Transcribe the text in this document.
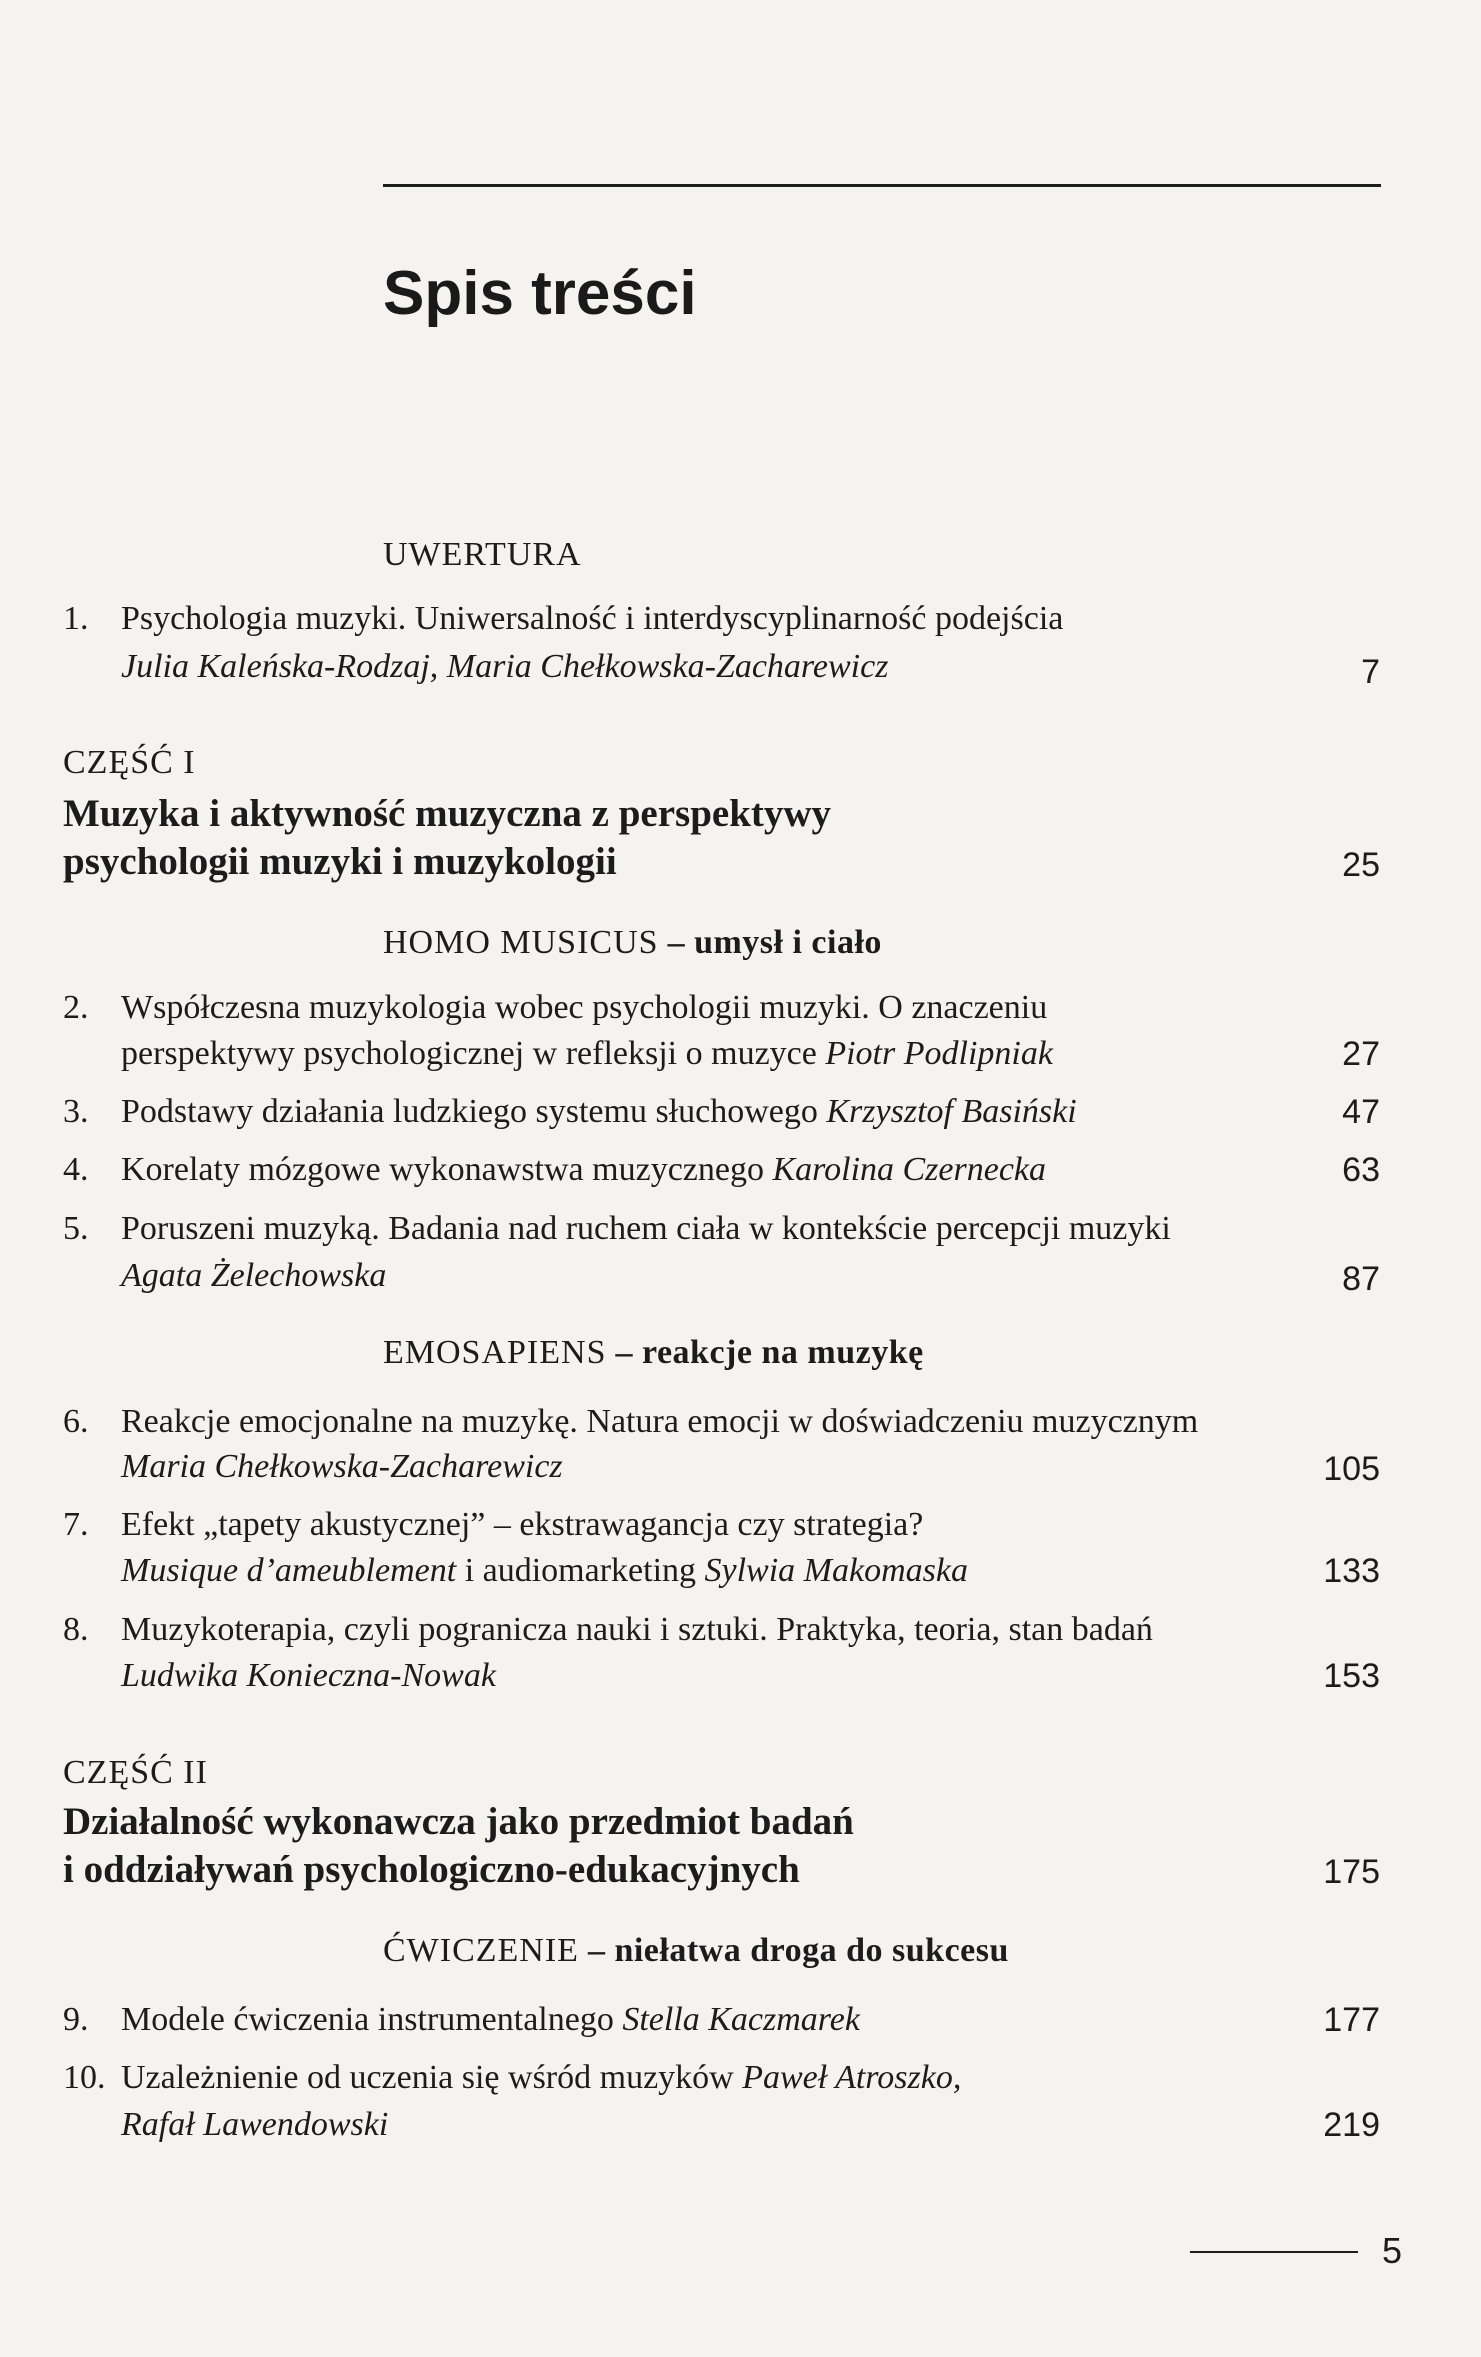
Spis treści
UWERTURA
1. Psychologia muzyki. Uniwersalność i interdyscyplinarność podejścia
Julia Kaleńska-Rodzaj, Maria Chełkowska-Zacharewicz	7
CZĘŚĆ I
Muzyka i aktywność muzyczna z perspektywy
psychologii muzyki i muzykologii	25
HOMO MUSICUS – umysł i ciało
2. Współczesna muzykologia wobec psychologii muzyki. O znaczeniu
perspektywy psychologicznej w refleksji o muzyce Piotr Podlipniak	27
3. Podstawy działania ludzkiego systemu słuchowego Krzysztof Basiński	47
4. Korelaty mózgowe wykonawstwa muzycznego Karolina Czernecka	63
5. Poruszeni muzyką. Badania nad ruchem ciała w kontekście percepcji muzyki
Agata Żelechowska	87
EMOSAPIENS – reakcje na muzykę
6. Reakcje emocjonalne na muzykę. Natura emocji w doświadczeniu muzycznym
Maria Chełkowska-Zacharewicz	105
7. Efekt „tapety akustycznej” – ekstrawagancja czy strategia?
Musique d’ameublement i audiomarketing Sylwia Makomaska	133
8. Muzykoterapia, czyli pogranicza nauki i sztuki. Praktyka, teoria, stan badań
Ludwika Konieczna-Nowak	153
CZĘŚĆ II
Działalność wykonawcza jako przedmiot badań
i oddziaływań psychologiczno-edukacyjnych	175
ĆWICZENIE – niełatwa droga do sukcesu
9. Modele ćwiczenia instrumentalnego Stella Kaczmarek	177
10. Uzależnienie od uczenia się wśród muzyków Paweł Atroszko,
Rafał Lawendowski	219
5
